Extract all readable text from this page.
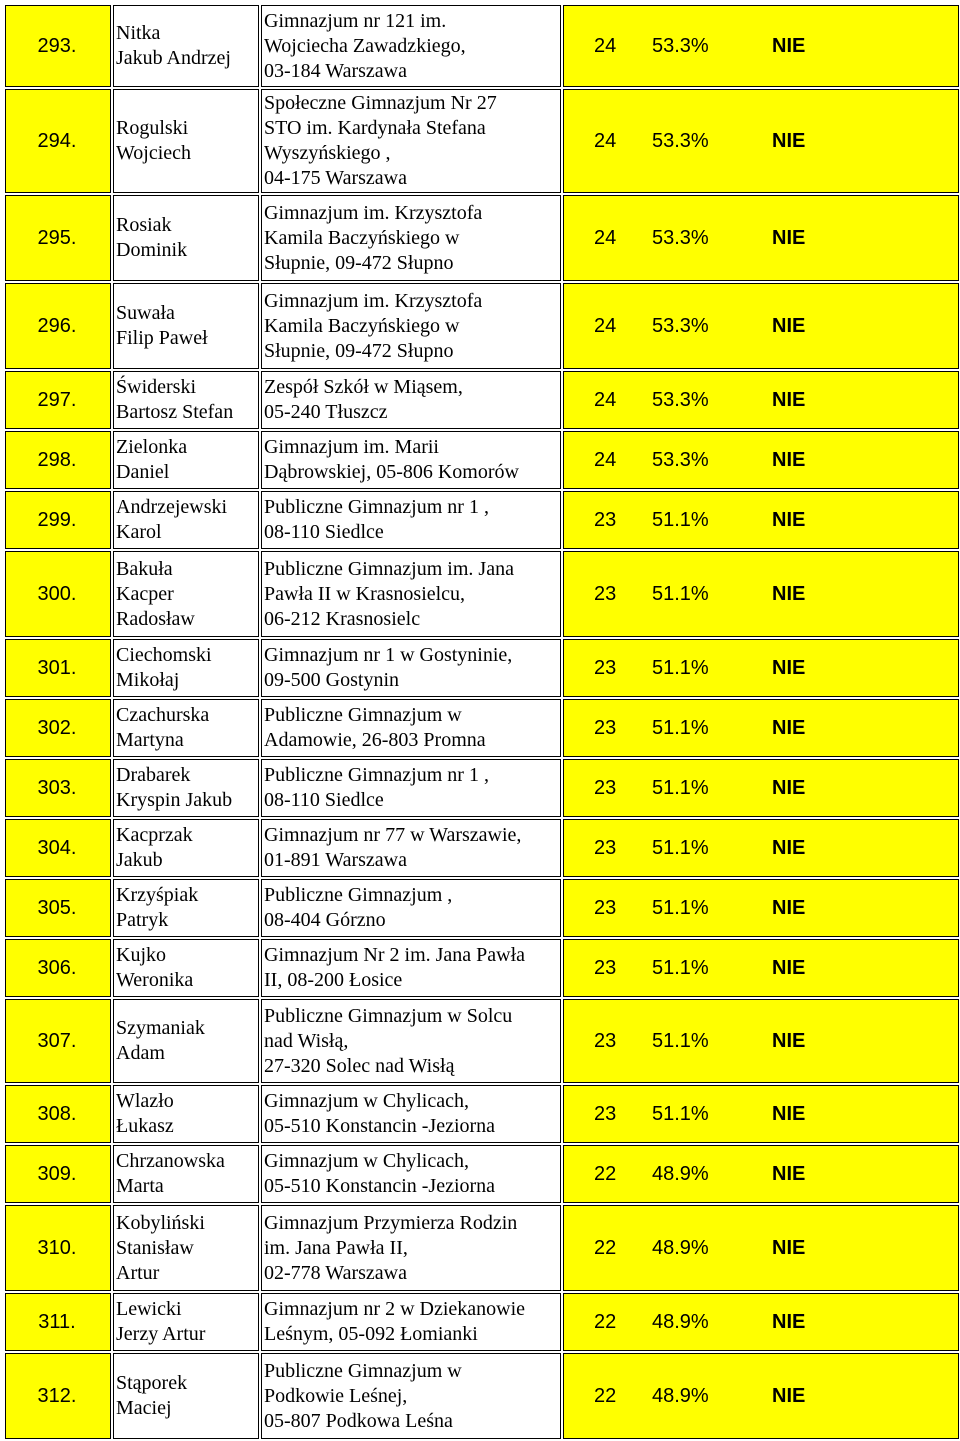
293.	Nitka
Jakub Andrzej	Gimnazjum nr 121 im.
Wojciecha Zawadzkiego,
03-184 Warszawa	24 53.3% NIE
294.	Rogulski
Wojciech	Społeczne Gimnazjum Nr 27
STO im. Kardynała Stefana
Wyszyńskiego ,
04-175 Warszawa	24 53.3% NIE
295.	Rosiak
Dominik	Gimnazjum im. Krzysztofa
Kamila Baczyńskiego w
Słupnie, 09-472 Słupno	24 53.3% NIE
296.	Suwała
Filip Paweł	Gimnazjum im. Krzysztofa
Kamila Baczyńskiego w
Słupnie, 09-472 Słupno	24 53.3% NIE
297.	Świderski
Bartosz Stefan	Zespół Szkół w Miąsem,
05-240 Tłuszcz	24 53.3% NIE
298.	Zielonka
Daniel	Gimnazjum im. Marii
Dąbrowskiej, 05-806 Komorów	24 53.3% NIE
299.	Andrzejewski
Karol	Publiczne Gimnazjum nr 1 ,
08-110 Siedlce	23 51.1% NIE
300.	Bakuła
Kacper
Radosław	Publiczne Gimnazjum im. Jana
Pawła II w Krasnosielcu,
06-212 Krasnosielc	23 51.1% NIE
301.	Ciechomski
Mikołaj	Gimnazjum nr 1 w Gostyninie,
09-500 Gostynin	23 51.1% NIE
302.	Czachurska
Martyna	Publiczne Gimnazjum w
Adamowie, 26-803 Promna	23 51.1% NIE
303.	Drabarek
Kryspin Jakub	Publiczne Gimnazjum nr 1 ,
08-110 Siedlce	23 51.1% NIE
304.	Kacprzak
Jakub	Gimnazjum nr 77 w Warszawie,
01-891 Warszawa	23 51.1% NIE
305.	Krzyśpiak
Patryk	Publiczne Gimnazjum ,
08-404 Górzno	23 51.1% NIE
306.	Kujko
Weronika	Gimnazjum Nr 2 im. Jana Pawła
II, 08-200 Łosice	23 51.1% NIE
307.	Szymaniak
Adam	Publiczne Gimnazjum w Solcu
nad Wisłą,
27-320 Solec nad Wisłą	23 51.1% NIE
308.	Wlazło
Łukasz	Gimnazjum w Chylicach,
05-510 Konstancin -Jeziorna	23 51.1% NIE
309.	Chrzanowska
Marta	Gimnazjum w Chylicach,
05-510 Konstancin -Jeziorna	22 48.9% NIE
310.	Kobyliński
Stanisław
Artur	Gimnazjum Przymierza Rodzin
im. Jana Pawła II,
02-778 Warszawa	22 48.9% NIE
311.	Lewicki
Jerzy Artur	Gimnazjum nr 2 w Dziekanowie
Leśnym, 05-092 Łomianki	22 48.9% NIE
312.	Stąporek
Maciej	Publiczne Gimnazjum w
Podkowie Leśnej,
05-807 Podkowa Leśna	22 48.9% NIE
